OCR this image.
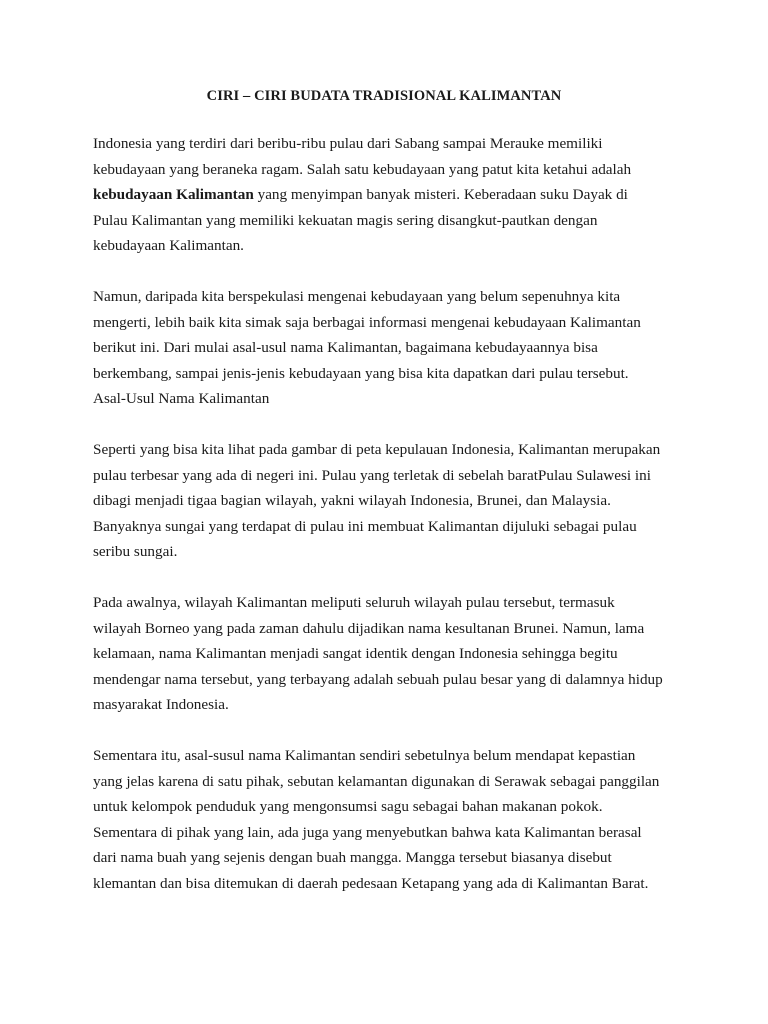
CIRI – CIRI BUDATA TRADISIONAL KALIMANTAN

Indonesia yang terdiri dari beribu-ribu pulau dari Sabang sampai Merauke memiliki
kebudayaan yang beraneka ragam. Salah satu kebudayaan yang patut kita ketahui adalah
kebudayaan Kalimantan yang menyimpan banyak misteri. Keberadaan suku Dayak di
Pulau Kalimantan yang memiliki kekuatan magis sering disangkut-pautkan dengan
kebudayaan Kalimantan.

Namun, daripada kita berspekulasi mengenai kebudayaan yang belum sepenuhnya kita
mengerti, lebih baik kita simak saja berbagai informasi mengenai kebudayaan Kalimantan
berikut ini. Dari mulai asal-usul nama Kalimantan, bagaimana kebudayaannya bisa
berkembang, sampai jenis-jenis kebudayaan yang bisa kita dapatkan dari pulau tersebut.

Asal-Usul Nama Kalimantan

Seperti yang bisa kita lihat pada gambar di peta kepulauan Indonesia, Kalimantan merupakan
pulau terbesar yang ada di negeri ini. Pulau yang terletak di sebelah baratPulau Sulawesi ini
dibagi menjadi tigaa bagian wilayah, yakni wilayah Indonesia, Brunei, dan Malaysia.
Banyaknya sungai yang terdapat di pulau ini membuat Kalimantan dijuluki sebagai pulau
seribu sungai.

Pada awalnya, wilayah Kalimantan meliputi seluruh wilayah pulau tersebut, termasuk
wilayah Borneo yang pada zaman dahulu dijadikan nama kesultanan Brunei. Namun, lama
kelamaan, nama Kalimantan menjadi sangat identik dengan Indonesia sehingga begitu
mendengar nama tersebut, yang terbayang adalah sebuah pulau besar yang di dalamnya hidup
masyarakat Indonesia.

Sementara itu, asal-susul nama Kalimantan sendiri sebetulnya belum mendapat kepastian
yang jelas karena di satu pihak, sebutan kelamantan digunakan di Serawak sebagai panggilan
untuk kelompok penduduk yang mengonsumsi sagu sebagai bahan makanan pokok.
Sementara di pihak yang lain, ada juga yang menyebutkan bahwa kata Kalimantan berasal
dari nama buah yang sejenis dengan buah mangga. Mangga tersebut biasanya disebut
klemantan dan bisa ditemukan di daerah pedesaan Ketapang yang ada di Kalimantan Barat.
